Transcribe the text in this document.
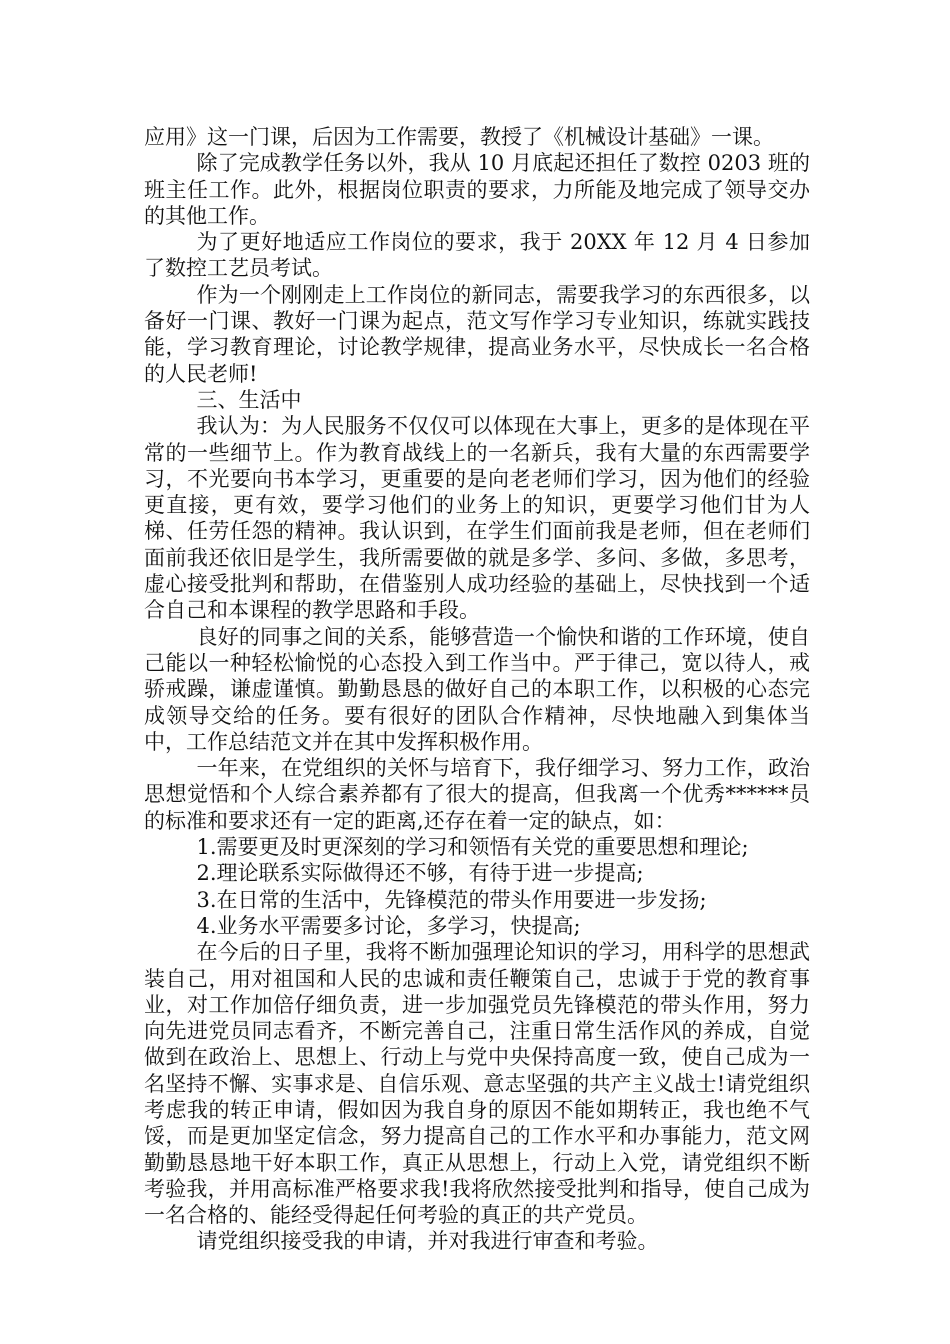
应用》这一门课，后因为工作需要，教授了《机械设计基础》一课。

除了完成教学任务以外，我从 10 月底起还担任了数控 0203 班的班主任工作。此外，根据岗位职责的要求，力所能及地完成了领导交办的其他工作。

为了更好地适应工作岗位的要求，我于 20XX 年 12 月 4 日参加了数控工艺员考试。

作为一个刚刚走上工作岗位的新同志，需要我学习的东西很多，以备好一门课、教好一门课为起点，范文写作学习专业知识，练就实践技能，学习教育理论，讨论教学规律，提高业务水平，尽快成长一名合格的人民老师!

三、生活中

我认为：为人民服务不仅仅可以体现在大事上，更多的是体现在平常的一些细节上。作为教育战线上的一名新兵，我有大量的东西需要学习，不光要向书本学习，更重要的是向老老师们学习，因为他们的经验更直接，更有效，要学习他们的业务上的知识，更要学习他们甘为人梯、任劳任怨的精神。我认识到，在学生们面前我是老师，但在老师们面前我还依旧是学生，我所需要做的就是多学、多问、多做，多思考，虚心接受批判和帮助，在借鉴别人成功经验的基础上，尽快找到一个适合自己和本课程的教学思路和手段。

良好的同事之间的关系，能够营造一个愉快和谐的工作环境，使自己能以一种轻松愉悦的心态投入到工作当中。严于律己，宽以待人，戒骄戒躁，谦虚谨慎。勤勤恳恳的做好自己的本职工作，以积极的心态完成领导交给的任务。要有很好的团队合作精神，尽快地融入到集体当中，工作总结范文并在其中发挥积极作用。

一年来，在党组织的关怀与培育下，我仔细学习、努力工作，政治思想觉悟和个人综合素养都有了很大的提高，但我离一个优秀******员的标准和要求还有一定的距离,还存在着一定的缺点，如：

1.需要更及时更深刻的学习和领悟有关党的重要思想和理论;

2.理论联系实际做得还不够，有待于进一步提高;

3.在日常的生活中，先锋模范的带头作用要进一步发扬;

4.业务水平需要多讨论，多学习，快提高;

在今后的日子里，我将不断加强理论知识的学习，用科学的思想武装自己，用对祖国和人民的忠诚和责任鞭策自己，忠诚于于党的教育事业，对工作加倍仔细负责，进一步加强党员先锋模范的带头作用，努力向先进党员同志看齐，不断完善自己，注重日常生活作风的养成，自觉做到在政治上、思想上、行动上与党中央保持高度一致，使自己成为一名坚持不懈、实事求是、自信乐观、意志坚强的共产主义战士!请党组织考虑我的转正申请，假如因为我自身的原因不能如期转正，我也绝不气馁，而是更加坚定信念，努力提高自己的工作水平和办事能力，范文网勤勤恳恳地干好本职工作，真正从思想上，行动上入党，请党组织不断考验我，并用高标准严格要求我!我将欣然接受批判和指导，使自己成为一名合格的、能经受得起任何考验的真正的共产党员。

请党组织接受我的申请，并对我进行审查和考验。
